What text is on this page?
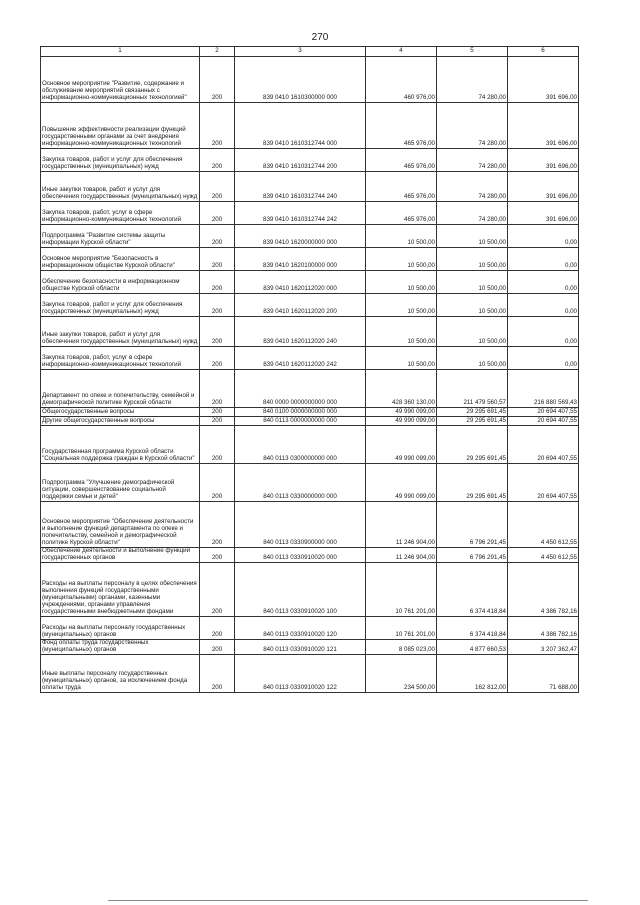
270
1	2	3	4	5	6
Основное мероприятие "Развитие, содержание и обслуживание мероприятий связанных с информационно-коммуникационных технологией"	200	839 0410 1610300000 000	460 976,00	74 280,00	391 696,00
Повышение эффективности реализации функций государственными органами за счет внедрения информационно-коммуникационных технологий	200	839 0410 1610312744 000	465 976,00	74 280,00	391 696,00
Закупка товаров, работ и услуг для обеспечения государственных (муниципальных) нужд	200	839 0410 1610312744 200	465 976,00	74 280,00	391 696,00
Иные закупки товаров, работ и услуг для обеспечения государственных (муниципальных) нужд	200	839 0410 1610312744 240	465 976,00	74 280,00	391 696,00
Закупка товаров, работ, услуг в сфере информационно-коммуникационных технологий	200	839 0410 1610312744 242	465 976,00	74 280,00	391 696,00
Подпрограмма "Развитие системы защиты информации Курской области"	200	839 0410 1620000000 000	10 500,00	10 500,00	0,00
Основное мероприятие "Безопасность в информационном обществе Курской области"	200	839 0410 1620100000 000	10 500,00	10 500,00	0,00
Обеспечение безопасности в информационном обществе Курской области	200	839 0410 1620112020 000	10 500,00	10 500,00	0,00
Закупка товаров, работ и услуг для обеспечения государственных (муниципальных) нужд	200	839 0410 1620112020 200	10 500,00	10 500,00	0,00
Иные закупки товаров, работ и услуг для обеспечения государственных (муниципальных) нужд	200	839 0410 1620112020 240	10 500,00	10 500,00	0,00
Закупка товаров, работ, услуг в сфере информационно-коммуникационных технологий	200	839 0410 1620112020 242	10 500,00	10 500,00	0,00
Департамент по опеке и попечительству, семейной и демографической политике Курской области	200	840 0000 0000000000 000	428 360 130,00	211 479 560,57	216 880 569,43
Общегосударственные вопросы	200	840 0100 0000000000 000	49 990 099,00	29 295 691,45	20 694 407,55
Другие общегосударственные вопросы	200	840 0113 0000000000 000	49 990 099,00	29 295 691,45	20 694 407,55
Государственная программа Курской области "Социальная поддержка граждан в Курской области"	200	840 0113 0300000000 000	49 990 099,00	29 295 691,45	20 694 407,55
Подпрограмма "Улучшение демографической ситуации, совершенствование социальной поддержки семьи и детей"	200	840 0113 0330000000 000	49 990 099,00	29 295 691,45	20 694 407,55
Основное мероприятие "Обеспечение деятельности и выполнение функций департамента по опеке и попечительству, семейной и демографической политике Курской области"	200	840 0113 0330900000 000	11 246 904,00	6 796 291,45	4 450 612,55
Обеспечение деятельности и выполнение функций государственных органов	200	840 0113 0330910020 000	11 246 904,00	6 796 291,45	4 450 612,55
Расходы на выплаты персоналу в целях обеспечения выполнения функций государственными (муниципальными) органами, казенными учреждениями, органами управления государственными внебюджетными фондами	200	840 0113 0330910020 100	10 761 201,00	6 374 418,84	4 386 782,16
Расходы на выплаты персоналу государственных (муниципальных) органов	200	840 0113 0330910020 120	10 761 201,00	6 374 418,84	4 386 782,16
Фонд оплаты труда государственных (муниципальных) органов	200	840 0113 0330910020 121	8 085 023,00	4 877 660,53	3 207 362,47
Иные выплаты персоналу государственных (муниципальных) органов, за исключением фонда оплаты труда	200	840 0113 0330910020 122	234 500,00	162 812,00	71 688,00
